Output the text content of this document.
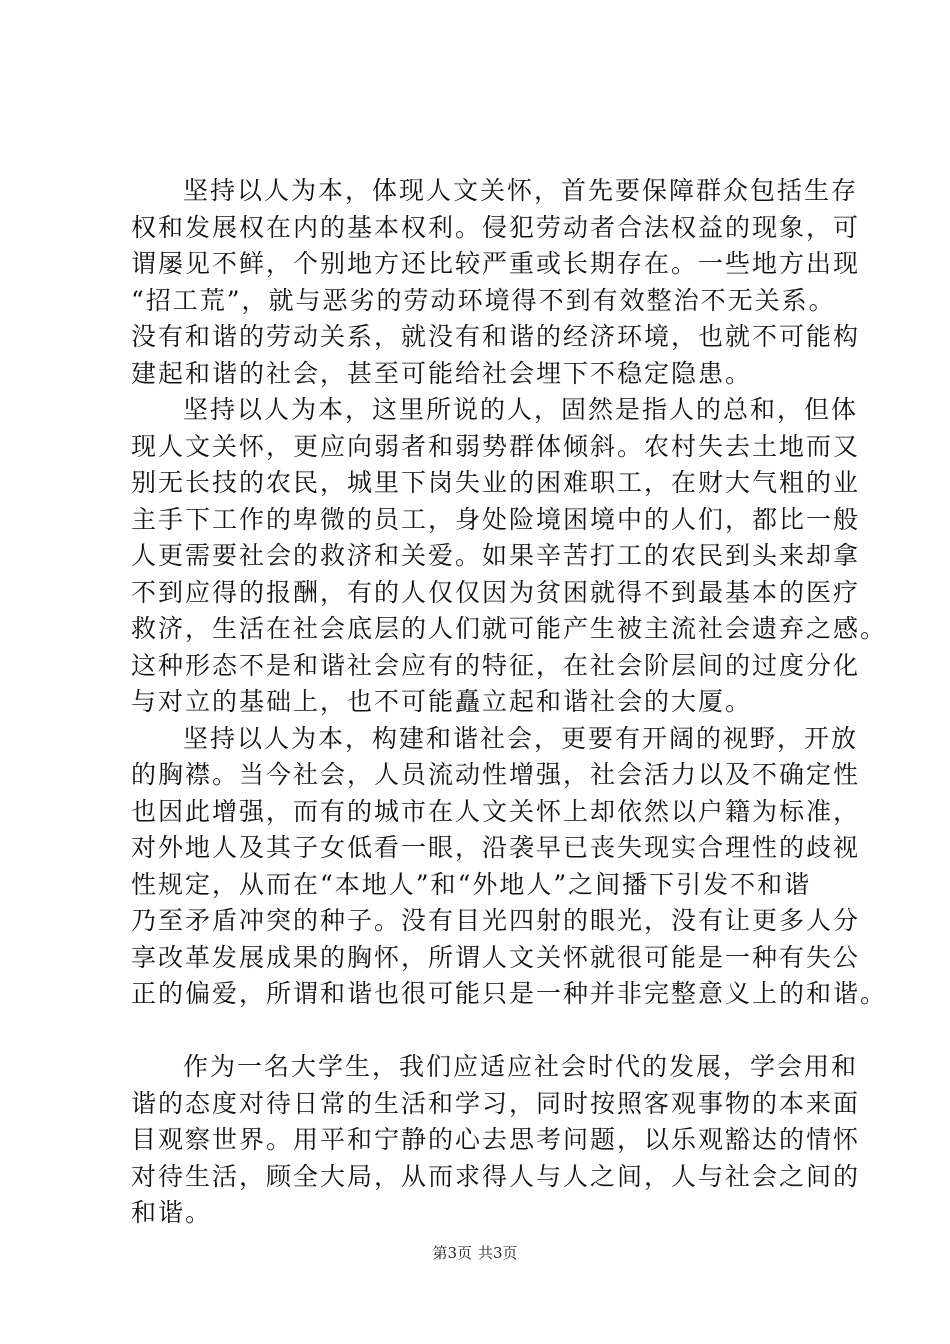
坚持以人为本，体现人文关怀，首先要保障群众包括生存
权和发展权在内的基本权利。侵犯劳动者合法权益的现象，可
谓屡见不鲜，个别地方还比较严重或长期存在。一些地方出现
“招工荒”，就与恶劣的劳动环境得不到有效整治不无关系。
没有和谐的劳动关系，就没有和谐的经济环境，也就不可能构
建起和谐的社会，甚至可能给社会埋下不稳定隐患。
坚持以人为本，这里所说的人，固然是指人的总和，但体
现人文关怀，更应向弱者和弱势群体倾斜。农村失去土地而又
别无长技的农民，城里下岗失业的困难职工，在财大气粗的业
主手下工作的卑微的员工，身处险境困境中的人们，都比一般
人更需要社会的救济和关爱。如果辛苦打工的农民到头来却拿
不到应得的报酬，有的人仅仅因为贫困就得不到最基本的医疗
救济，生活在社会底层的人们就可能产生被主流社会遗弃之感。
这种形态不是和谐社会应有的特征，在社会阶层间的过度分化
与对立的基础上，也不可能矗立起和谐社会的大厦。
坚持以人为本，构建和谐社会，更要有开阔的视野，开放
的胸襟。当今社会，人员流动性增强，社会活力以及不确定性
也因此增强，而有的城市在人文关怀上却依然以户籍为标准，
对外地人及其子女低看一眼，沿袭早已丧失现实合理性的歧视
性规定，从而在“本地人”和“外地人”之间播下引发不和谐
乃至矛盾冲突的种子。没有目光四射的眼光，没有让更多人分
享改革发展成果的胸怀，所谓人文关怀就很可能是一种有失公
正的偏爱，所谓和谐也很可能只是一种并非完整意义上的和谐。
作为一名大学生，我们应适应社会时代的发展，学会用和
谐的态度对待日常的生活和学习，同时按照客观事物的本来面
目观察世界。用平和宁静的心去思考问题，以乐观豁达的情怀
对待生活，顾全大局，从而求得人与人之间，人与社会之间的
和谐。
第3页 共3页
